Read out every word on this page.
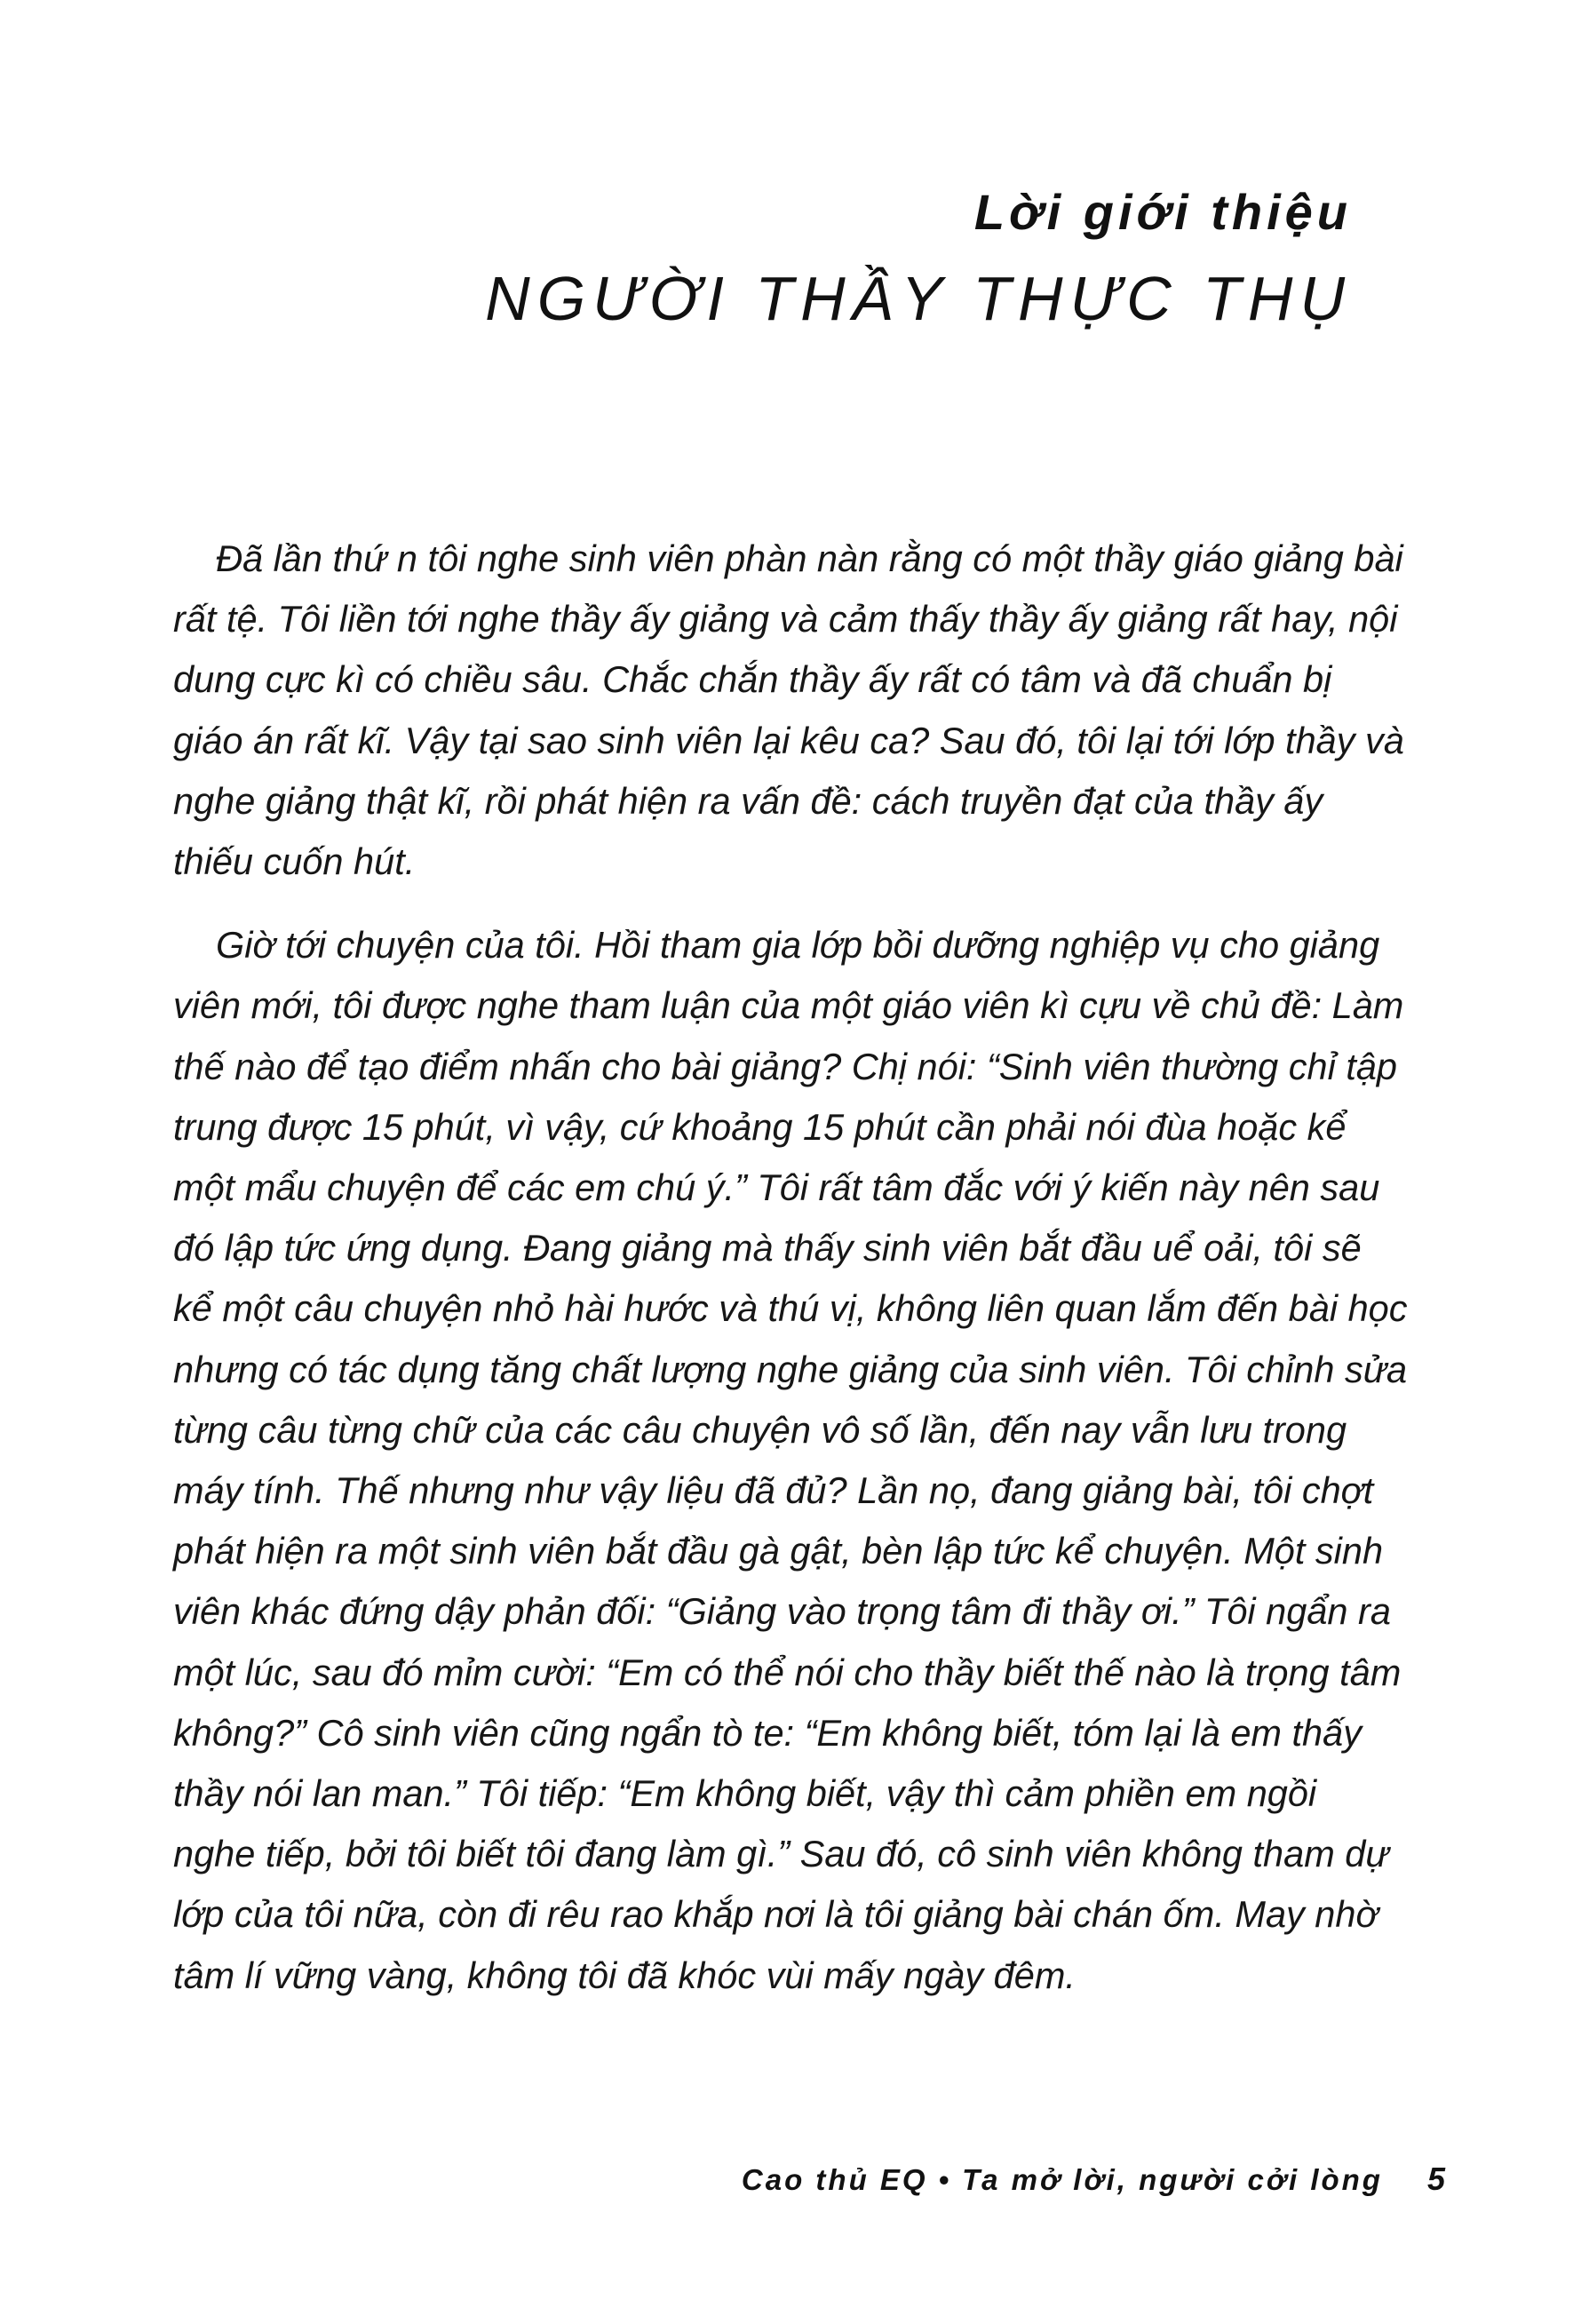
Lời giới thiệu
NGƯỜI THẦY THỰC THỤ

Đã lần thứ n tôi nghe sinh viên phàn nàn rằng có một thầy giáo giảng bài rất tệ. Tôi liền tới nghe thầy ấy giảng và cảm thấy thầy ấy giảng rất hay, nội dung cực kì có chiều sâu. Chắc chắn thầy ấy rất có tâm và đã chuẩn bị giáo án rất kĩ. Vậy tại sao sinh viên lại kêu ca? Sau đó, tôi lại tới lớp thầy và nghe giảng thật kĩ, rồi phát hiện ra vấn đề: cách truyền đạt của thầy ấy thiếu cuốn hút.

Giờ tới chuyện của tôi. Hồi tham gia lớp bồi dưỡng nghiệp vụ cho giảng viên mới, tôi được nghe tham luận của một giáo viên kì cựu về chủ đề: Làm thế nào để tạo điểm nhấn cho bài giảng? Chị nói: “Sinh viên thường chỉ tập trung được 15 phút, vì vậy, cứ khoảng 15 phút cần phải nói đùa hoặc kể một mẩu chuyện để các em chú ý.” Tôi rất tâm đắc với ý kiến này nên sau đó lập tức ứng dụng. Đang giảng mà thấy sinh viên bắt đầu uể oải, tôi sẽ kể một câu chuyện nhỏ hài hước và thú vị, không liên quan lắm đến bài học nhưng có tác dụng tăng chất lượng nghe giảng của sinh viên. Tôi chỉnh sửa từng câu từng chữ của các câu chuyện vô số lần, đến nay vẫn lưu trong máy tính. Thế nhưng như vậy liệu đã đủ? Lần nọ, đang giảng bài, tôi chợt phát hiện ra một sinh viên bắt đầu gà gật, bèn lập tức kể chuyện. Một sinh viên khác đứng dậy phản đối: “Giảng vào trọng tâm đi thầy ơi.” Tôi ngẩn ra một lúc, sau đó mỉm cười: “Em có thể nói cho thầy biết thế nào là trọng tâm không?” Cô sinh viên cũng ngẩn tò te: “Em không biết, tóm lại là em thấy thầy nói lan man.” Tôi tiếp: “Em không biết, vậy thì cảm phiền em ngồi nghe tiếp, bởi tôi biết tôi đang làm gì.” Sau đó, cô sinh viên không tham dự lớp của tôi nữa, còn đi rêu rao khắp nơi là tôi giảng bài chán ốm. May nhờ tâm lí vững vàng, không tôi đã khóc vùi mấy ngày đêm.

Cao thủ EQ • Ta mở lời, người cởi lòng 5
